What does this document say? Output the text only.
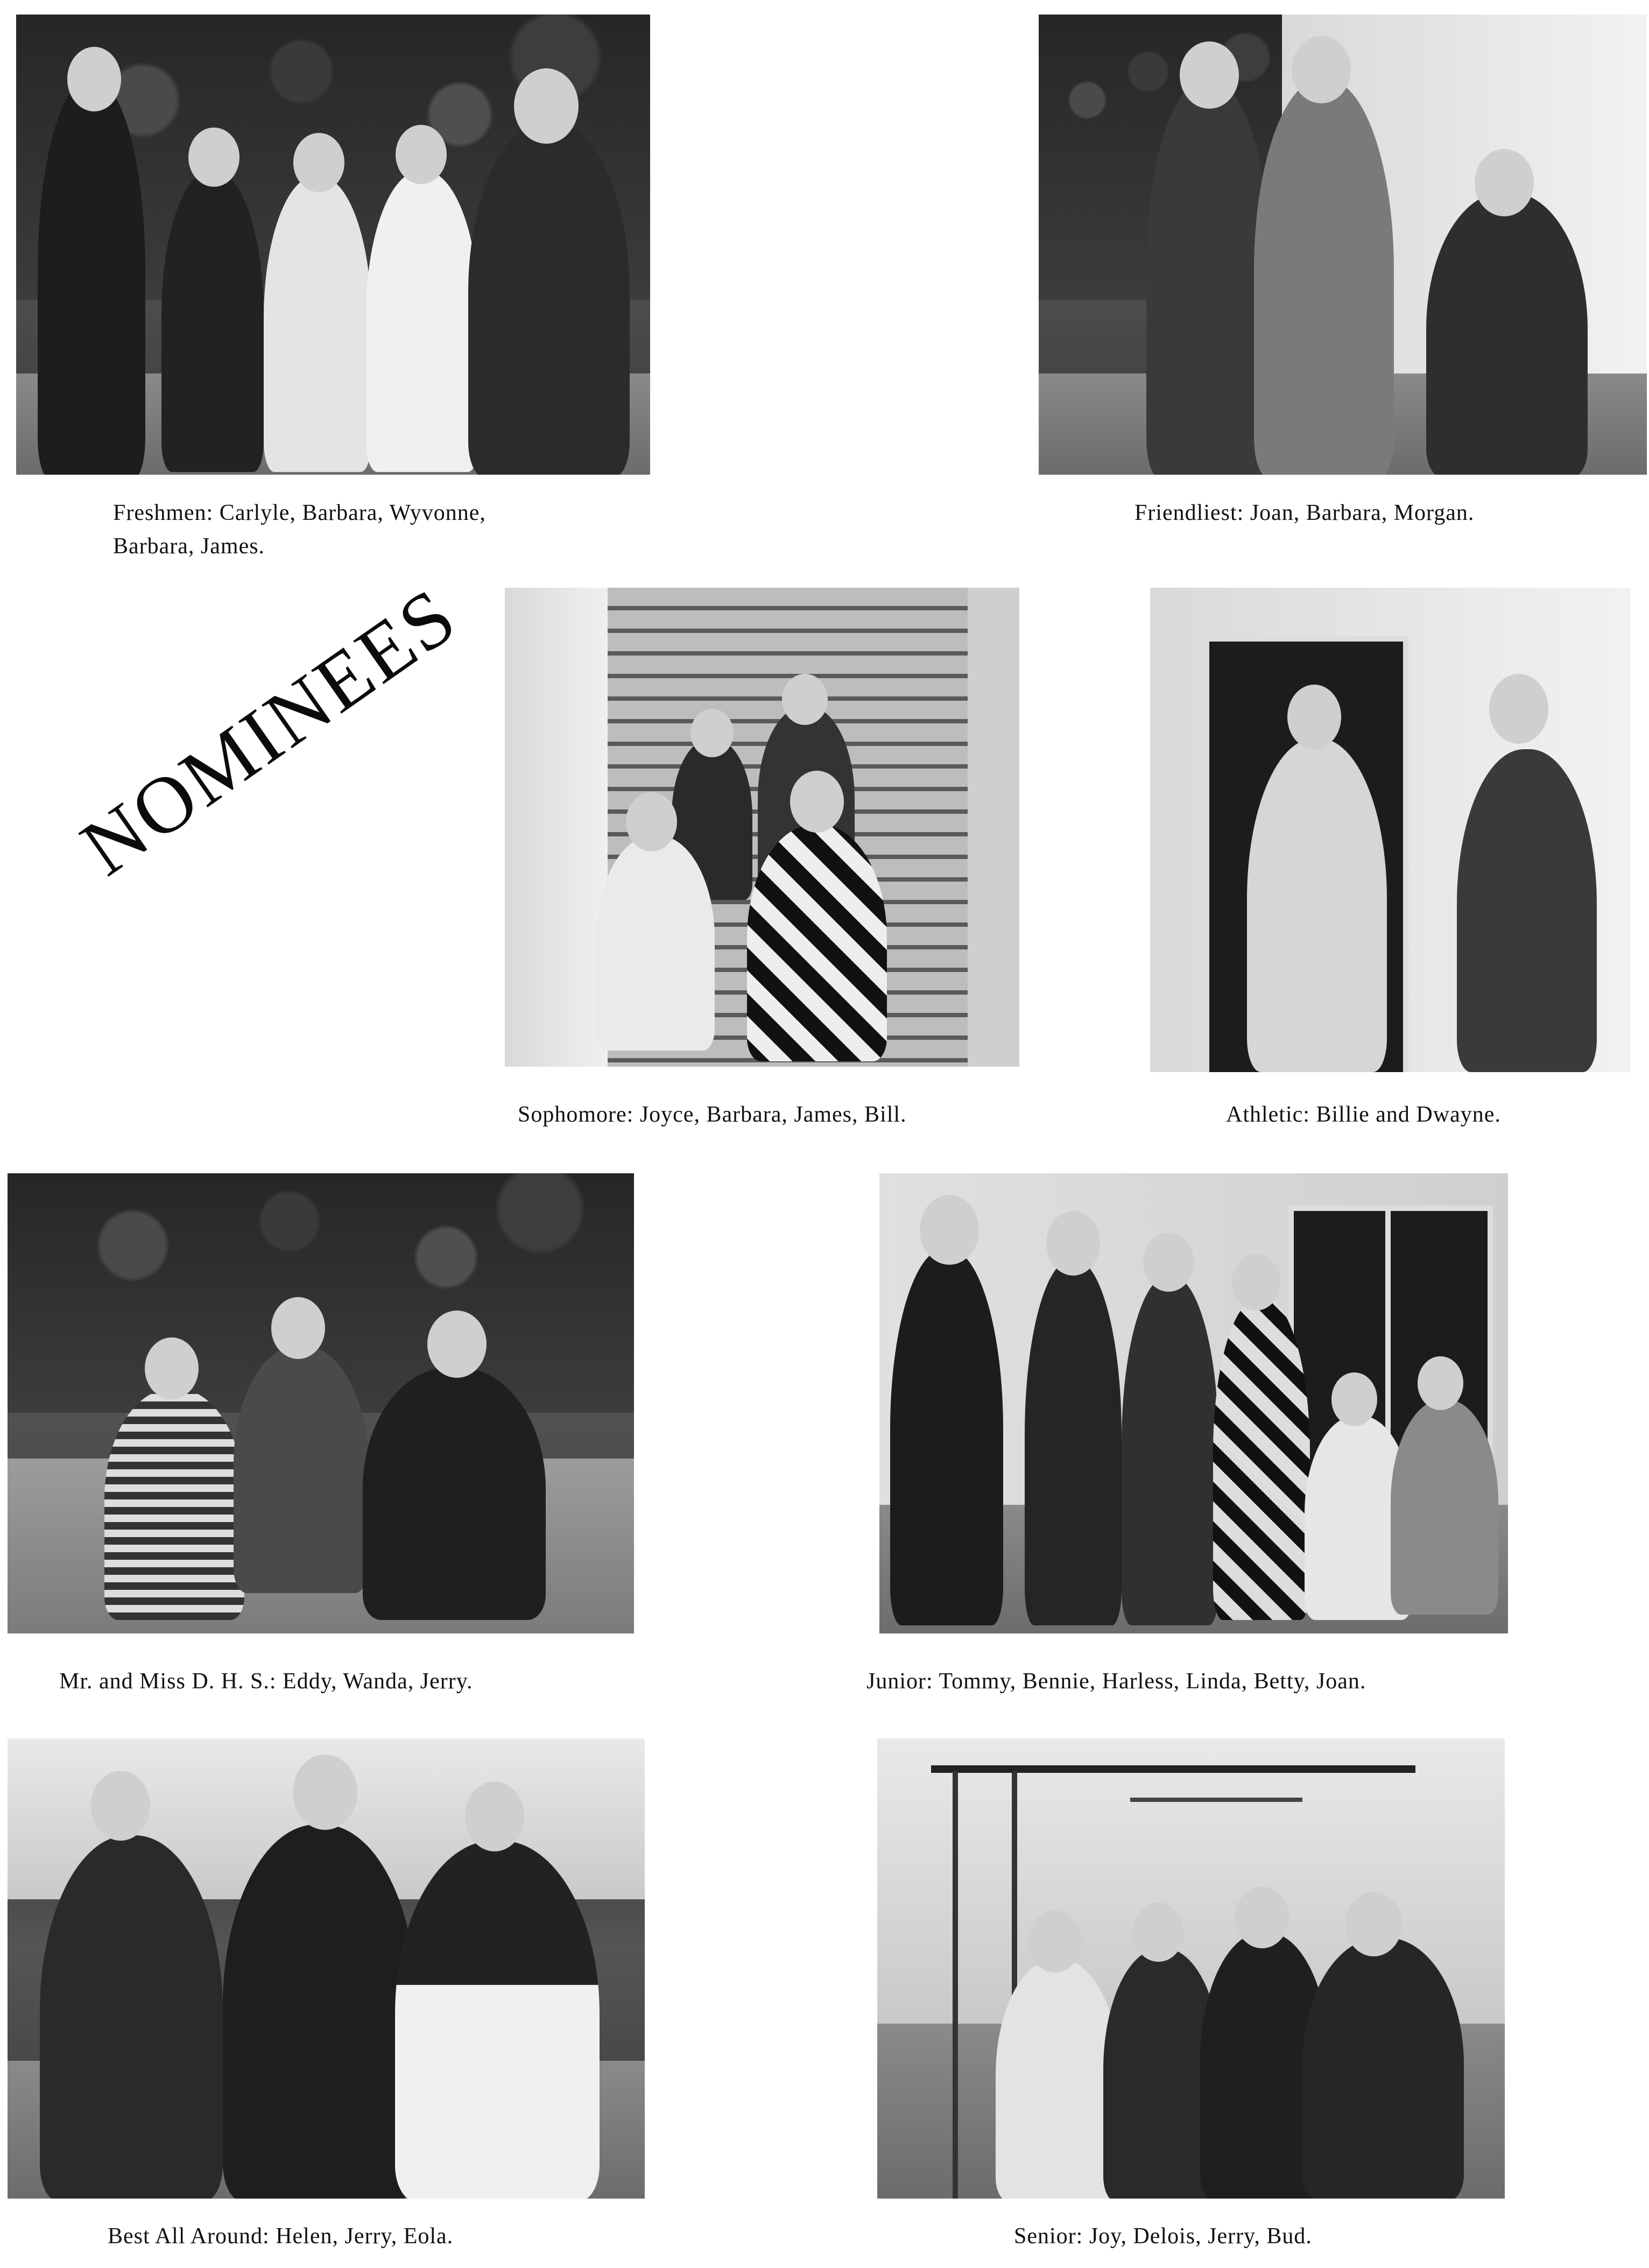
NOMINEES
Freshmen: Carlyle, Barbara, Wyvonne,
Barbara, James.
Friendliest: Joan, Barbara, Morgan.
Sophomore: Joyce, Barbara, James, Bill.	Athletic: Billie and Dwayne.
Mr. and Miss D. H. S.: Eddy, Wanda, Jerry.	Junior: Tommy, Bennie, Harless, Linda, Betty, Joan.
Best All Around: Helen, Jerry, Eola.	Senior: Joy, Delois, Jerry, Bud.
